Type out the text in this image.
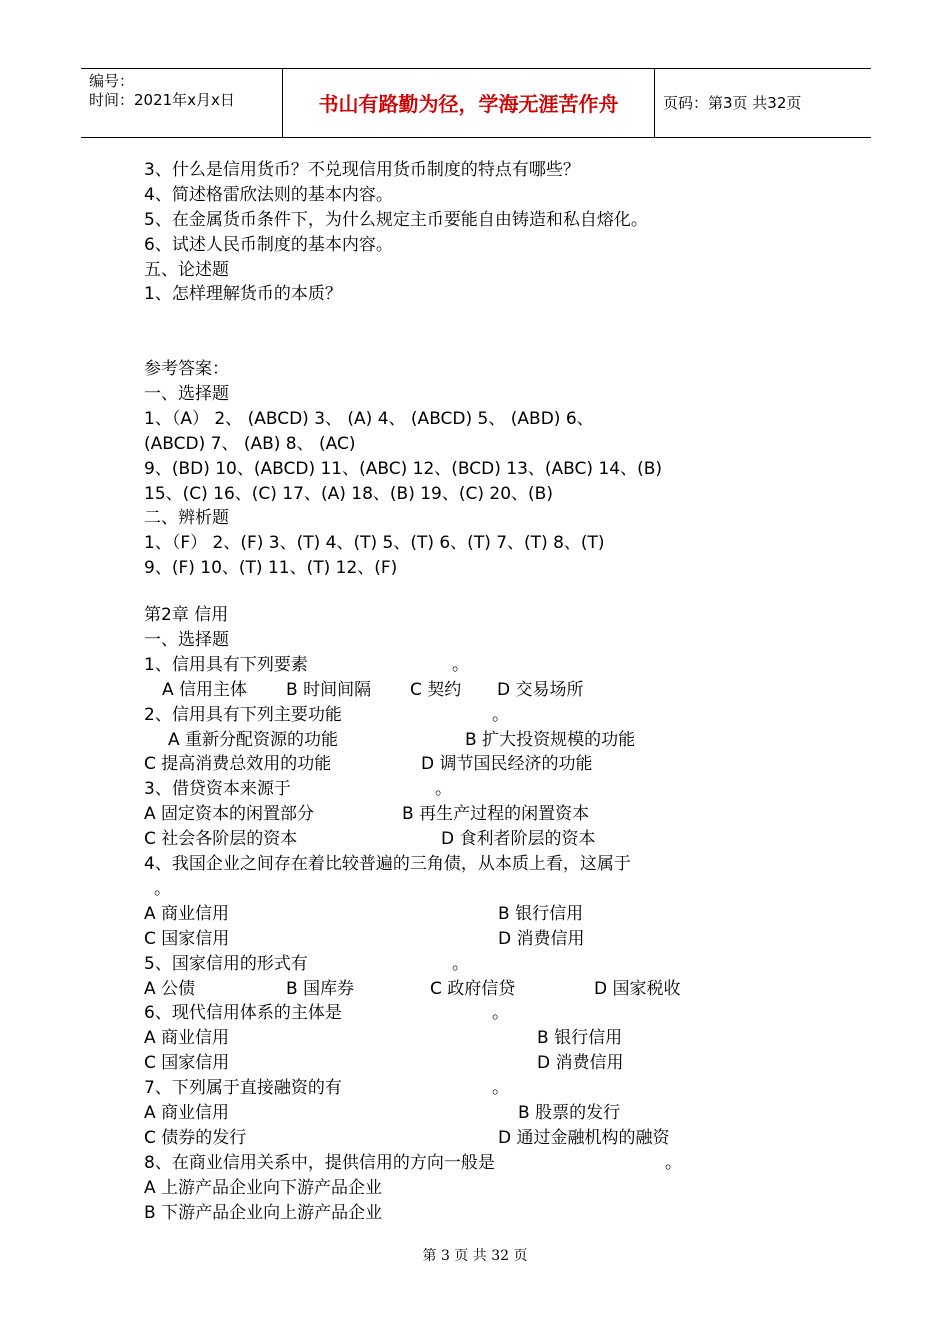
编号：
时间：2021年x月x日	书山有路勤为径，学海无涯苦作舟	页码：第3页 共32页
3、什么是信用货币？不兑现信用货币制度的特点有哪些？
4、简述格雷欣法则的基本内容。
5、在金属货币条件下，为什么规定主币要能自由铸造和私自熔化。
6、试述人民币制度的基本内容。
五、论述题
1、怎样理解货币的本质？
参考答案：
一、选择题
1、（A） 2、 (ABCD) 3、 (A) 4、 (ABCD) 5、 (ABD) 6、
(ABCD) 7、 (AB) 8、 (AC)
9、(BD) 10、(ABCD) 11、(ABC) 12、(BCD) 13、(ABC) 14、(B)
15、(C) 16、(C) 17、(A) 18、(B) 19、(C) 20、(B)
二、辨析题
1、（F） 2、(F) 3、(T) 4、(T) 5、(T) 6、(T) 7、(T) 8、(T)
9、(F) 10、(T) 11、(T) 12、(F)
第2章 信用
一、选择题
1、信用具有下列要素	。
A 信用主体 B 时间间隔 C 契约 D 交易场所
2、信用具有下列主要功能	。
A 重新分配资源的功能	B 扩大投资规模的功能
C 提高消费总效用的功能	D 调节国民经济的功能
3、借贷资本来源于	。
A 固定资本的闲置部分	B 再生产过程的闲置资本
C 社会各阶层的资本	D 食利者阶层的资本
4、我国企业之间存在着比较普遍的三角债，从本质上看，这属于
。
A 商业信用	B 银行信用
C 国家信用	D 消费信用
5、国家信用的形式有	。
A 公债	B 国库券	C 政府信贷	D 国家税收
6、现代信用体系的主体是	。
A 商业信用	B 银行信用
C 国家信用	D 消费信用
7、下列属于直接融资的有	。
A 商业信用	B 股票的发行
C 债券的发行	D 通过金融机构的融资
8、在商业信用关系中，提供信用的方向一般是	。
A 上游产品企业向下游产品企业
B 下游产品企业向上游产品企业
第 3 页 共 32 页
